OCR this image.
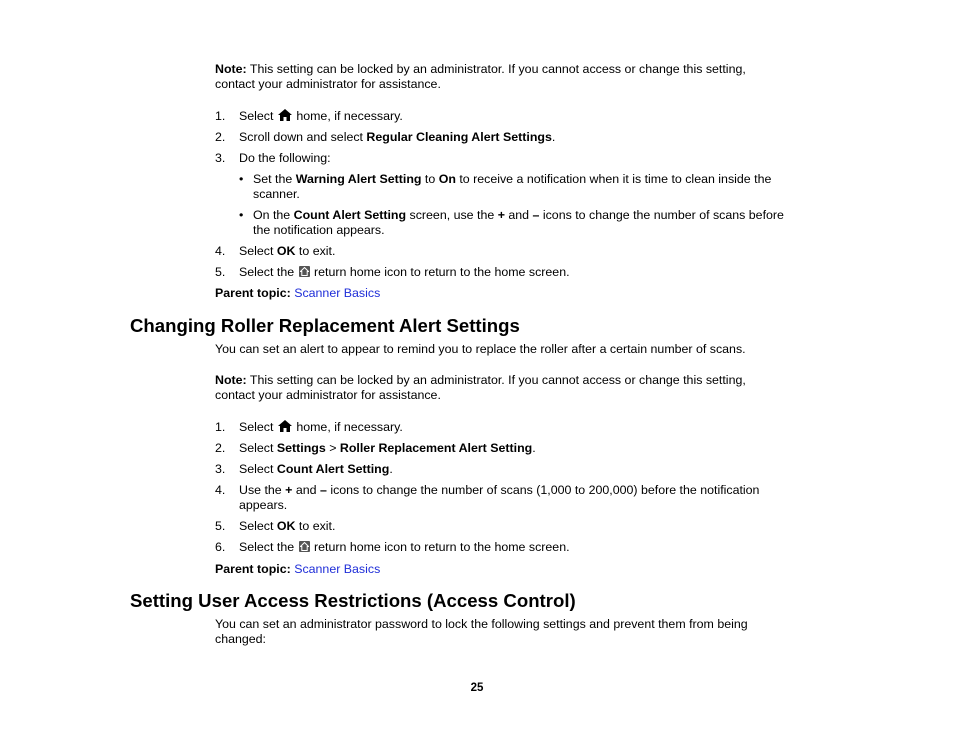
Note: This setting can be locked by an administrator. If you cannot access or change this setting,
contact your administrator for assistance.
1. Select  home, if necessary.
2. Scroll down and select Regular Cleaning Alert Settings.
3. Do the following:
• Set the Warning Alert Setting to On to receive a notification when it is time to clean inside the
scanner.
• On the Count Alert Setting screen, use the + and – icons to change the number of scans before
the notification appears.
4. Select OK to exit.
5. Select the
return home icon to return to the home screen.
Parent topic: Scanner Basics
Changing Roller Replacement Alert Settings
You can set an alert to appear to remind you to replace the roller after a certain number of scans.
Note: This setting can be locked by an administrator. If you cannot access or change this setting,
contact your administrator for assistance.
1. Select  home, if necessary.
2. Select Settings > Roller Replacement Alert Setting.
3. Select Count Alert Setting.
4. Use the + and – icons to change the number of scans (1,000 to 200,000) before the notification
appears.
5. Select OK to exit.
6. Select the
return home icon to return to the home screen.
Parent topic: Scanner Basics
Setting User Access Restrictions (Access Control)
You can set an administrator password to lock the following settings and prevent them from being
changed:
25
